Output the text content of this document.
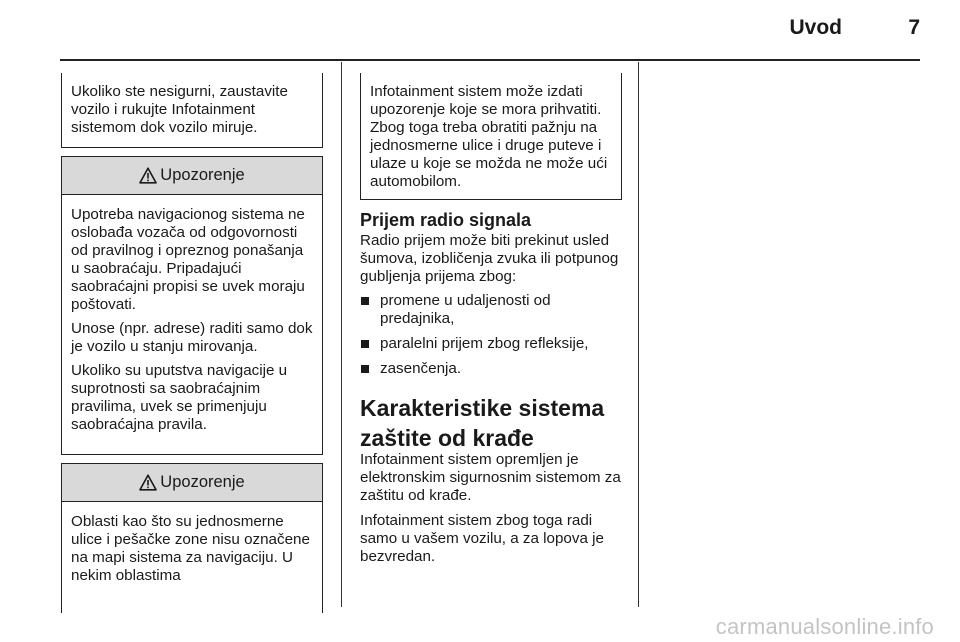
Uvod	7

Ukoliko ste nesigurni, zaustavite vozilo i rukujte Infotainment sistemom dok vozilo miruje.

Upozorenje

Upotreba navigacionog sistema ne oslobađa vozača od odgovornosti od pravilnog i opreznog ponašanja u saobraćaju. Pripadajući saobraćajni propisi se uvek moraju poštovati.

Unose (npr. adrese) raditi samo dok je vozilo u stanju mirovanja.

Ukoliko su uputstva navigacije u suprotnosti sa saobraćajnim pravilima, uvek se primenjuju saobraćajna pravila.

Upozorenje

Oblasti kao što su jednosmerne ulice i pešačke zone nisu označene na mapi sistema za navigaciju. U nekim oblastima

Infotainment sistem može izdati upozorenje koje se mora prihvatiti. Zbog toga treba obratiti pažnju na jednosmerne ulice i druge puteve i ulaze u koje se možda ne može ući automobilom.

Prijem radio signala

Radio prijem može biti prekinut usled šumova, izobličenja zvuka ili potpunog gubljenja prijema zbog:

promene u udaljenosti od predajnika,
paralelni prijem zbog refleksije,
zasenčenja.
Karakteristike sistema
zaštite od krađe

Infotainment sistem opremljen je elektronskim sigurnosnim sistemom za zaštitu od krađe.

Infotainment sistem zbog toga radi samo u vašem vozilu, a za lopova je bezvredan.

carmanualsonline.info
